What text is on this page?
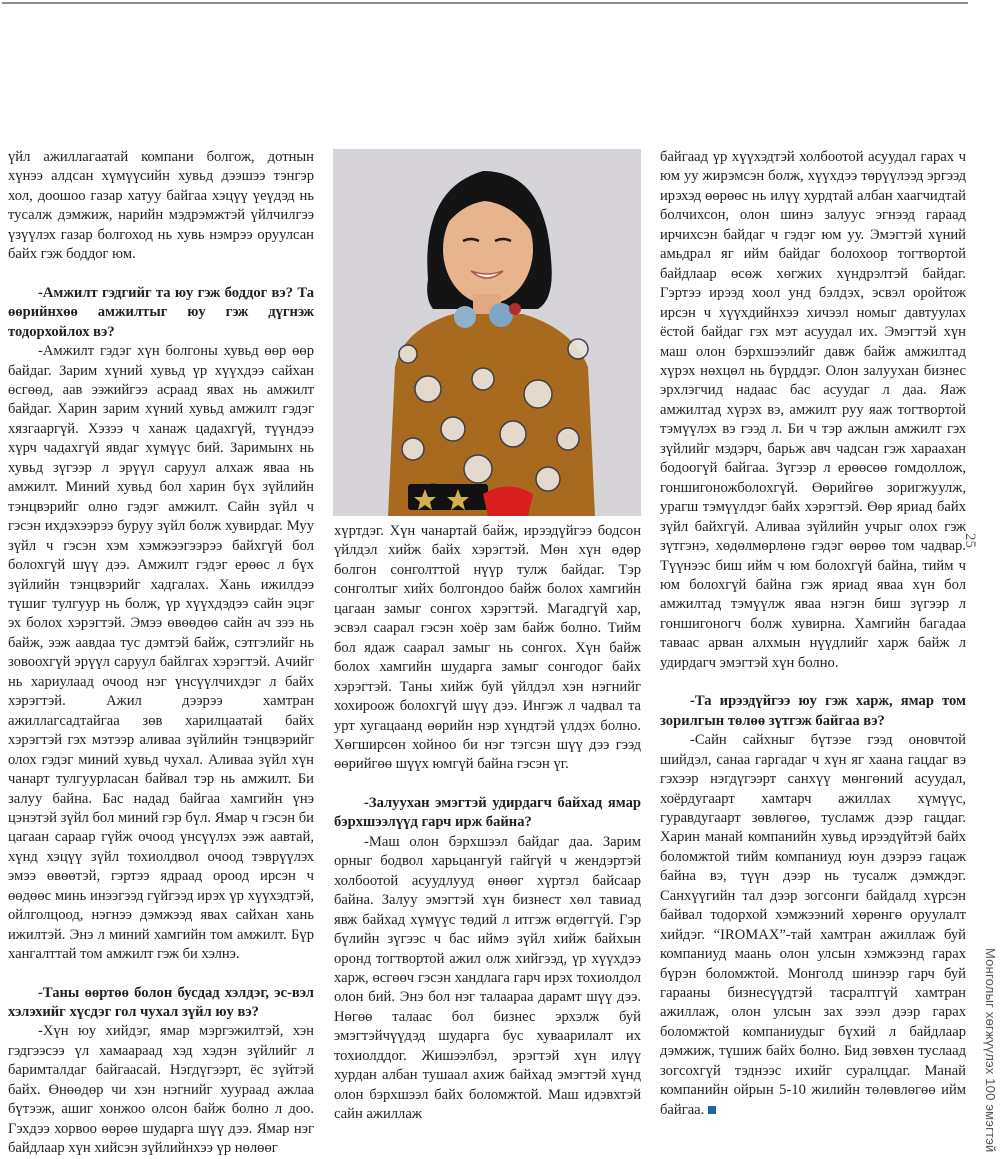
үйл ажиллагаатай компани болгож, дотнын хүнээ алдсан хүмүүсийн хувьд дээшээ тэнгэр хол, доошоо газар хатуу байгаа хэцүү үеүдэд нь тусалж дэмжиж, нарийн мэдрэмжтэй үйлчилгээ үзүүлэх газар болгоход нь хувь нэмрээ оруулсан байх гэж боддог юм.

-Амжилт гэдгийг та юу гэж боддог вэ? Та өөрийнхөө амжилтыг юу гэж дүгнэж тодорхойлох вэ?

-Амжилт гэдэг хүн болгоны хувьд өөр өөр байдаг. Зарим хүний хувьд үр хүүхдээ сайхан өсгөөд, аав ээжийгээ асраад явах нь амжилт байдаг. Харин зарим хүний хувьд амжилт гэдэг хязгааргүй. Хэзээ ч ханаж цадахгүй, түүндээ хүрч чадахгүй явдаг хүмүүс бий. Заримынх нь хувьд зүгээр л эрүүл саруул алхаж яваа нь амжилт. Миний хувьд бол харин бүх зүйлийн тэнцвэрийг олно гэдэг амжилт. Сайн зүйл ч гэсэн ихдэхээрээ буруу зүйл болж хувирдаг. Муу зүйл ч гэсэн хэм хэмжээгээрээ байхгүй бол болохгүй шүү дээ. Амжилт гэдэг ерөөс л бүх зүйлийн тэнцвэрийг хадгалах. Хань ижилдээ түшиг тулгуур нь болж, үр хүүхдэдээ сайн эцэг эх болох хэрэгтэй. Эмээ өвөөдөө сайн ач зээ нь байж, ээж аавдаа тус дэмтэй байж, сэтгэлийг нь зовоохгүй эрүүл саруул байлгах хэрэгтэй. Ачийг нь хариулаад очоод нэг үнсүүлчихдэг л байх хэрэгтэй. Ажил дээрээ хамтран ажиллагсадтайгаа зөв харилцаатай байх хэрэгтэй гэх мэтээр аливаа зүйлийн тэнцвэрийг олох гэдэг миний хувьд чухал. Аливаа зүйл хүн чанарт тулгуурласан байвал тэр нь амжилт. Би залуу байна. Бас надад байгаа хамгийн үнэ цэнэтэй зүйл бол миний гэр бүл. Ямар ч гэсэн би цагаан сараар гүйж очоод үнсүүлэх ээж аавтай, хүнд хэцүү зүйл тохиолдвол очоод тэврүүлэх эмээ өвөөтэй, гэртээ ядраад ороод ирсэн ч өөдөөс минь инээгээд гүйгээд ирэх үр хүүхэдтэй, ойлголцоод, нэгнээ дэмжээд явах сайхан хань ижилтэй. Энэ л миний хамгийн том амжилт. Бүр хангалттай том амжилт гэж би хэлнэ.

-Таны өөртөө болон бусдад хэлдэг, эс-вэл хэлэхийг хүсдэг гол чухал зүйл юу вэ?

-Хүн юу хийдэг, ямар мэргэжилтэй, хэн гэдгээсээ үл хамаараад хэд хэдэн зүйлийг л баримталдаг байгаасай. Нэгдүгээрт, ёс зүйтэй байх. Өнөөдөр чи хэн нэгнийг хуураад ажлаа бүтээж, ашиг хонжоо олсон байж болно л доо. Гэхдээ хорвоо өөрөө шударга шүү дээ. Ямар нэг байдлаар хүн хийсэн зүйлийнхээ үр нөлөөг

хүртдэг. Хүн чанартай байж, ирээдүйгээ бодсон үйлдэл хийж байх хэрэгтэй. Мөн хүн өдөр болгон сонголттой нүүр тулж байдаг. Тэр сонголтыг хийх болгондоо байж болох хамгийн цагаан замыг сонгох хэрэгтэй. Магадгүй хар, эсвэл саарал гэсэн хоёр зам байж болно. Тийм бол ядаж саарал замыг нь сонгох. Хүн байж болох хамгийн шударга замыг сонгодог байх хэрэгтэй. Таны хийж буй үйлдэл хэн нэгнийг хохироож болохгүй шүү дээ. Ингэж л чадвал та урт хугацаанд өөрийн нэр хүндтэй үлдэх болно. Хөгширсөн хойноо би нэг тэгсэн шүү дээ гээд өөрийгөө шүүх юмгүй байна гэсэн үг.

-Залуухан эмэгтэй удирдагч байхад ямар бэрхшээлүүд гарч ирж байна?

-Маш олон бэрхшээл байдаг даа. Зарим орныг бодвол харьцангуй гайгүй ч жендэртэй холбоотой асуудлууд өнөөг хүртэл байсаар байна. Залуу эмэгтэй хүн бизнест хөл тавиад явж байхад хүмүүс төдий л итгэж өгдөггүй. Гэр бүлийн зүгээс ч бас иймэ зүйл хийж байхын оронд тогтвортой ажил олж хийгээд, үр хүүхдээ харж, өсгөөч гэсэн хандлага гарч ирэх тохиолдол олон бий. Энэ бол нэг талаараа дарамт шүү дээ. Нөгөө талаас бол бизнес эрхэлж буй эмэгтэйчүүдэд шударга бус хуваарилалт их тохиолддог. Жишээлбэл, эрэгтэй хүн илүү хурдан албан тушаал ахиж байхад эмэгтэй хүнд олон бэрхшээл байх боломжтой. Маш идэвхтэй сайн ажиллаж

байгаад үр хүүхэдтэй холбоотой асуудал гарах ч юм уу жирэмсэн болж, хүүхдээ төрүүлээд эргээд ирэхэд өөрөөс нь илүү хурдтай албан хаагчидтай болчихсон, олон шинэ залуус эгнээд гараад ирчихсэн байдаг ч гэдэг юм уу. Эмэгтэй хүний амьдрал яг ийм байдаг болохоор тогтвортой байдлаар өсөж хөгжих хүндрэлтэй байдаг. Гэртээ ирээд хоол унд бэлдэх, эсвэл оройтож ирсэн ч хүүхдийнхээ хичээл номыг давтуулах ёстой байдаг гэх мэт асуудал их. Эмэгтэй хүн маш олон бэрхшээлийг давж байж амжилтад хүрэх нөхцөл нь бүрддэг. Олон залуухан бизнес эрхлэгчид надаас бас асуудаг л даа. Яаж амжилтад хүрэх вэ, амжилт руу яаж тогтвортой тэмүүлэх вэ гээд л. Би ч тэр ажлын амжилт гэх зүйлийг мэдэрч, барьж авч чадсан гэж хараахан бодоогүй байгаа. Зүгээр л ерөөсөө гомдоллож, гоншигоножболохгүй. Өөрийгөө зоригжуулж, урагш тэмүүлдэг байх хэрэгтэй. Өөр яриад байх зүйл байхгүй. Аливаа зүйлийн учрыг олох гэж зүтгэнэ, хөдөлмөрлөнө гэдэг өөрөө том чадвар. Түүнээс биш ийм ч юм болохгүй байна, тийм ч юм болохгүй байна гэж яриад яваа хүн бол амжилтад тэмүүлж яваа нэгэн биш зүгээр л гоншигоногч болж хувирна. Хамгийн багадаа таваас арван алхмын нүүдлийг харж байж л удирдагч эмэгтэй хүн болно.

-Та ирээдүйгээ юу гэж харж, ямар том зорилгын төлөө зүтгэж байгаа вэ?

-Сайн сайхныг бүтээе гээд оновчтой шийдэл, санаа гаргадаг ч хүн яг хаана гацдаг вэ гэхээр нэгдүгээрт санхүү мөнгөний асуудал, хоёрдугаарт хамтарч ажиллах хүмүүс, гуравдугаарт зөвлөгөө, тусламж дээр гацдаг. Харин манай компанийн хувьд ирээдүйтэй байх боломжтой тийм компаниуд юун дээрээ гацаж байна вэ, түүн дээр нь тусалж дэмждэг. Санхүүгийн тал дээр зогсонги байдалд хүрсэн байвал тодорхой хэмжээний хөрөнгө оруулалт хийдэг. “IROMAX”-тай хамтран ажиллаж буй компаниуд маань олон улсын хэмжээнд гарах бүрэн боломжтой. Монголд шинээр гарч буй гарааны бизнесүүдтэй тасралтгүй хамтран ажиллаж, олон улсын зах зээл дээр гарах боломжтой компаниудыг бүхий л байдлаар дэмжиж, түшиж байх болно. Бид зөвхөн туслаад зогсохгүй тэднээс ихийг суралцдаг. Манай компанийн ойрын 5-10 жилийн төлөвлөгөө ийм байгаа.

25
Монголыг хөгжүүлэх 100 эмэгтэй
